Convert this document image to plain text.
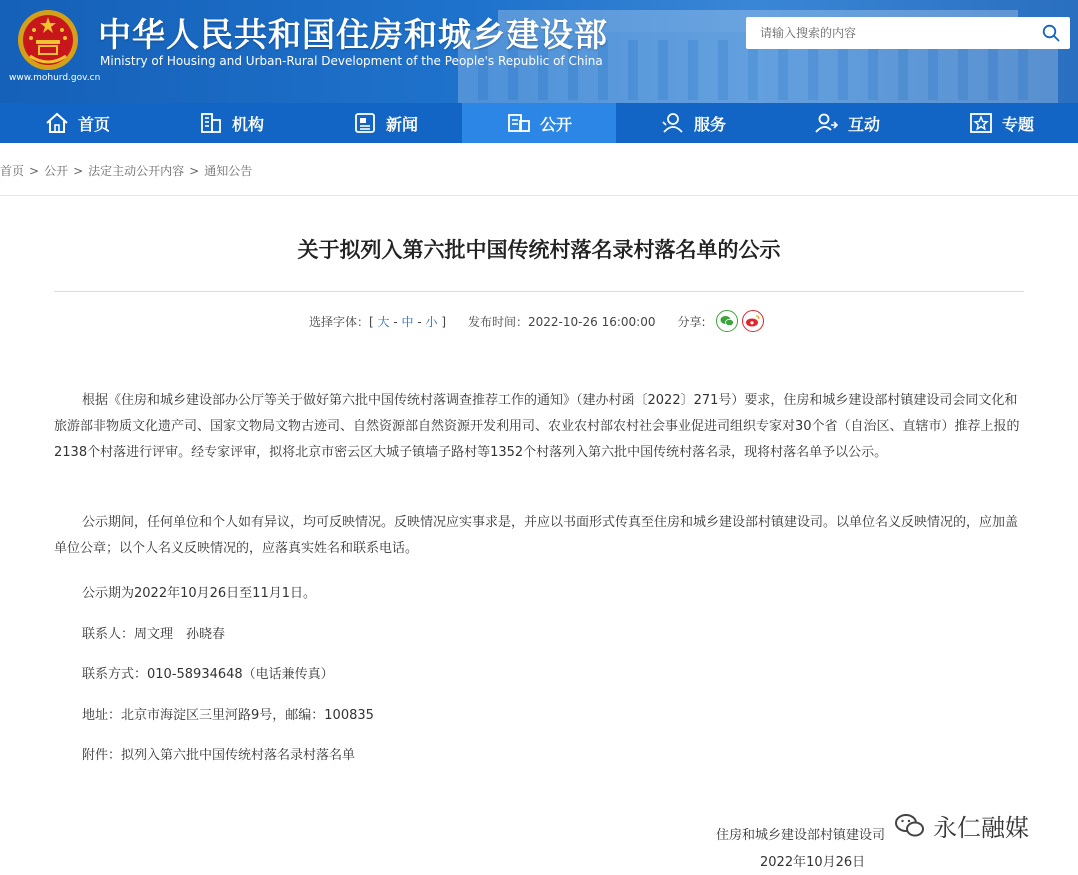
中华人民共和国住房和城乡建设部
Ministry of Housing and Urban-Rural Development of the People's Republic of China
www.mohurd.gov.cn
请输入搜索的内容
首页	机构	新闻	公开	服务	互动	专题
首页 > 公开 > 法定主动公开内容 > 通知公告
关于拟列入第六批中国传统村落名录村落名单的公示
选择字体：[ 大 - 中 - 小 ] 发布时间：2022-10-26 16:00:00 分享:
根据《住房和城乡建设部办公厅等关于做好第六批中国传统村落调查推荐工作的通知》（建办村函〔2022〕271号）要求，住房和城乡建设部村镇建设司会同文化和旅游部非物质文化遗产司、国家文物局文物古迹司、自然资源部自然资源开发利用司、农业农村部农村社会事业促进司组织专家对30个省（自治区、直辖市）推荐上报的2138个村落进行评审。经专家评审，拟将北京市密云区大城子镇墙子路村等1352个村落列入第六批中国传统村落名录，现将村落名单予以公示。
公示期间，任何单位和个人如有异议，均可反映情况。反映情况应实事求是，并应以书面形式传真至住房和城乡建设部村镇建设司。以单位名义反映情况的，应加盖单位公章；以个人名义反映情况的，应落真实姓名和联系电话。
公示期为2022年10月26日至11月1日。
联系人：周文理　孙晓春
联系方式：010-58934648（电话兼传真）
地址：北京市海淀区三里河路9号，邮编：100835
附件：拟列入第六批中国传统村落名录村落名单
住房和城乡建设部村镇建设司
2022年10月26日
永仁融媒
